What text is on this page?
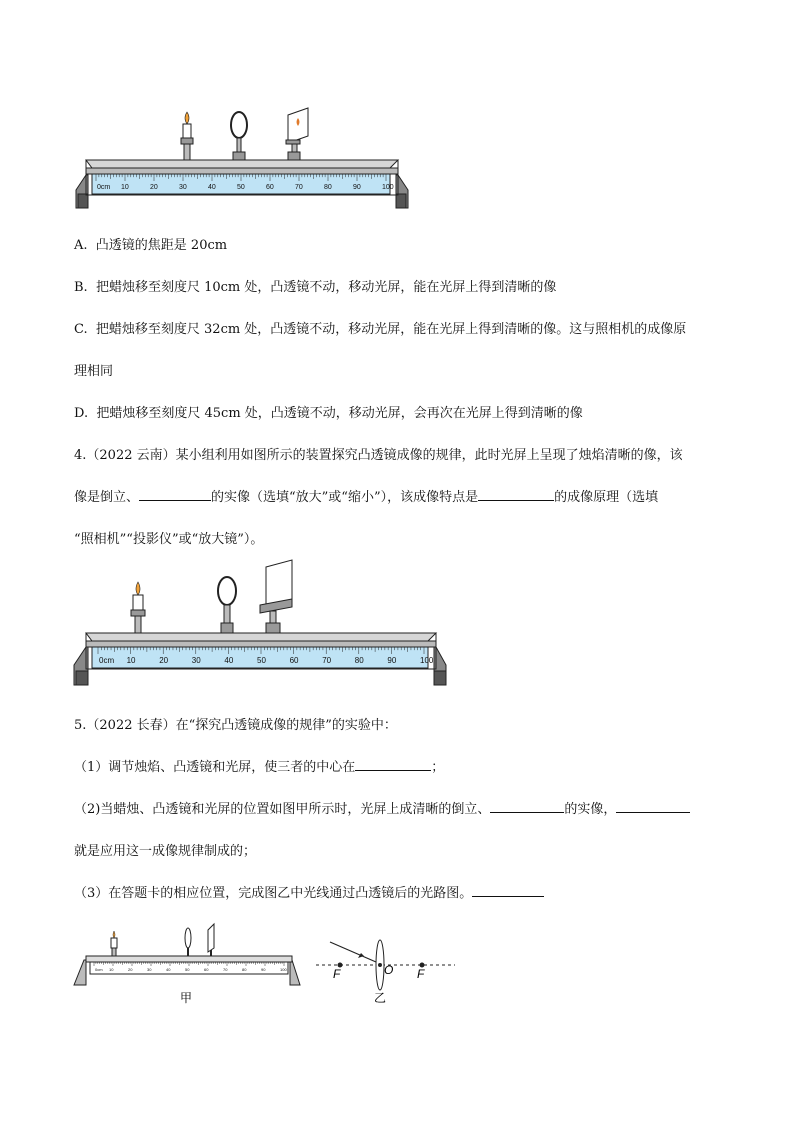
0cm 10	20	30	40	50	60	70	80	90	100
A. 凸透镜的焦距是 20cm
B. 把蜡烛移至刻度尺 10cm 处，凸透镜不动，移动光屏，能在光屏上得到清晰的像
C. 把蜡烛移至刻度尺 32cm 处，凸透镜不动，移动光屏，能在光屏上得到清晰的像。这与照相机的成像原
理相同
D. 把蜡烛移至刻度尺 45cm 处，凸透镜不动，移动光屏，会再次在光屏上得到清晰的像
4.（2022 云南）某小组利用如图所示的装置探究凸透镜成像的规律，此时光屏上呈现了烛焰清晰的像，该
像是倒立、	的实像（选填“放大”或“缩小”），该成像特点是	的成像原理（选填
“照相机”“投影仪”或“放大镜”）。
0cm 10	20	30	40	50	60	70	80	90	100
5.（2022 长春）在“探究凸透镜成像的规律”的实验中：
（1）调节烛焰、凸透镜和光屏，使三者的中心在	；
（2)当蜡烛、凸透镜和光屏的位置如图甲所示时，光屏上成清晰的倒立、	的实像，
就是应用这一成像规律制成的；
（3）在答题卡的相应位置，完成图乙中光线通过凸透镜后的光路图。
0cm 10	20	30	40	50	60	70	80	90	100
甲
F	O F
乙
